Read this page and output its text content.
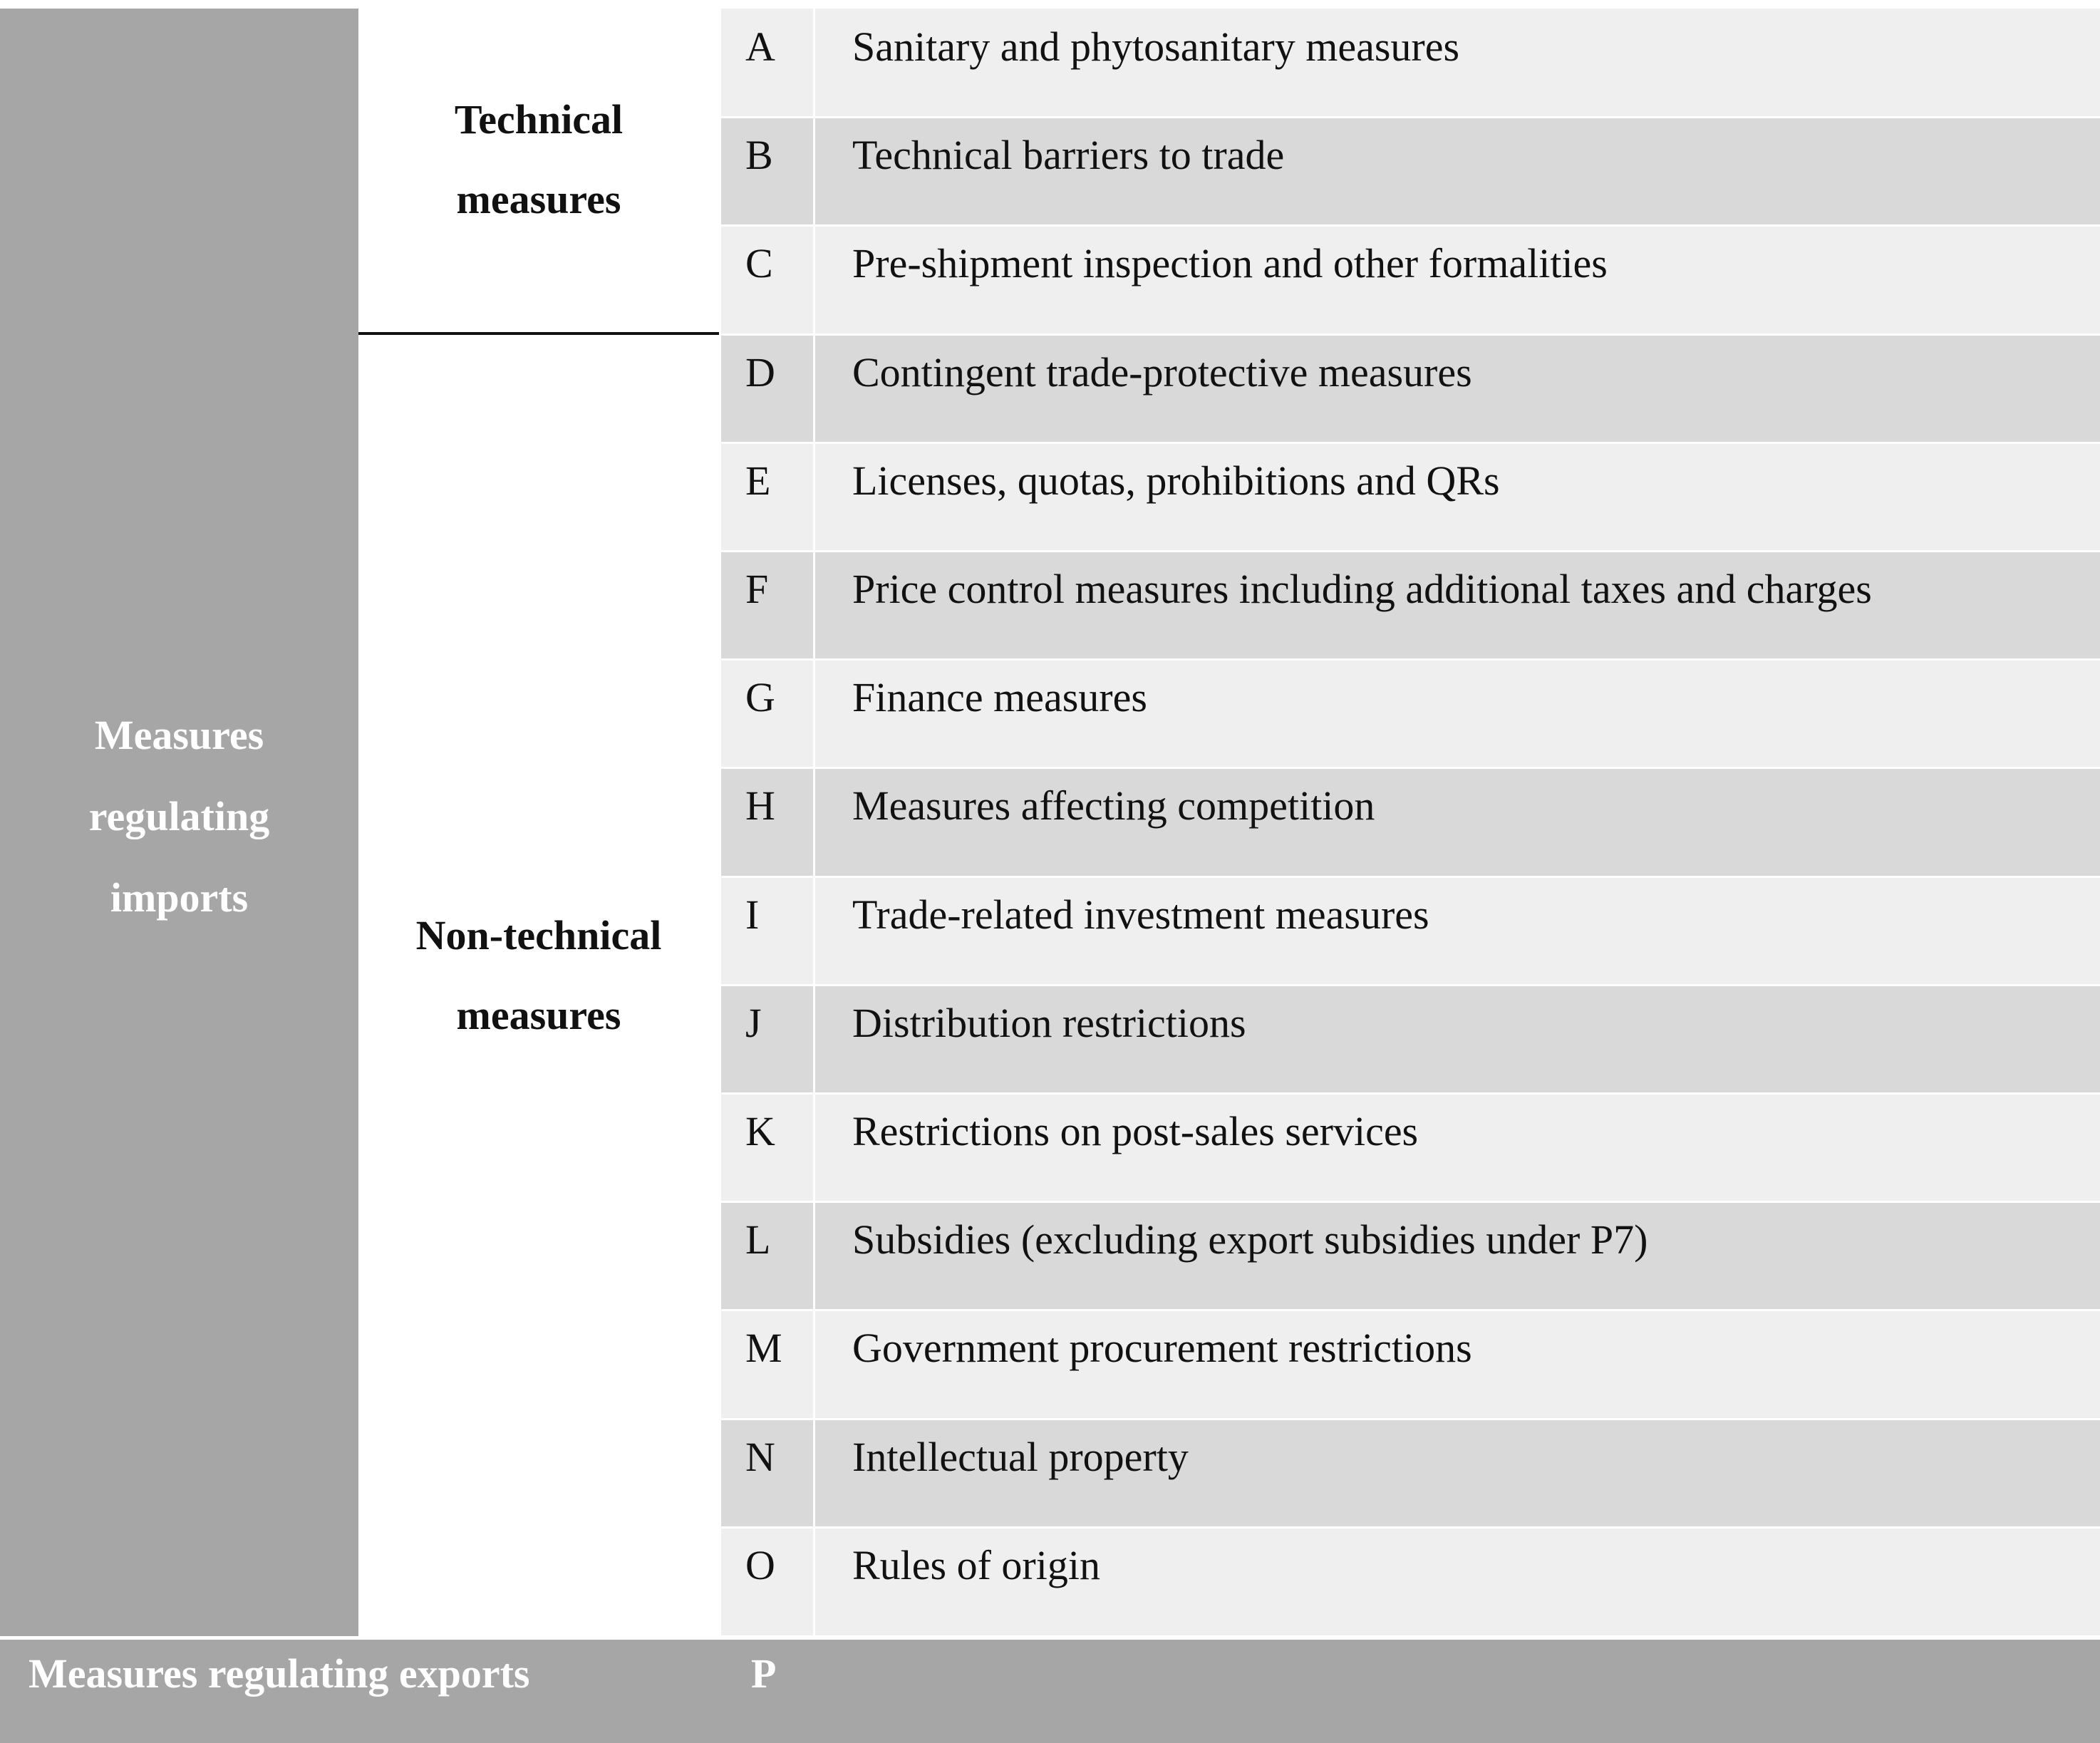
Measures
regulating
imports
Technical
measures
Non-technical
measures
A Sanitary and phytosanitary measures
B Technical barriers to trade
C Pre-shipment inspection and other formalities
D Contingent trade-protective measures
E Licenses, quotas, prohibitions and QRs
F Price control measures including additional taxes and charges
G Finance measures
H Measures affecting competition
I Trade-related investment measures
J Distribution restrictions
K Restrictions on post-sales services
L Subsidies (excluding export subsidies under P7)
M Government procurement restrictions
N Intellectual property
O Rules of origin
Measures regulating exports	P
